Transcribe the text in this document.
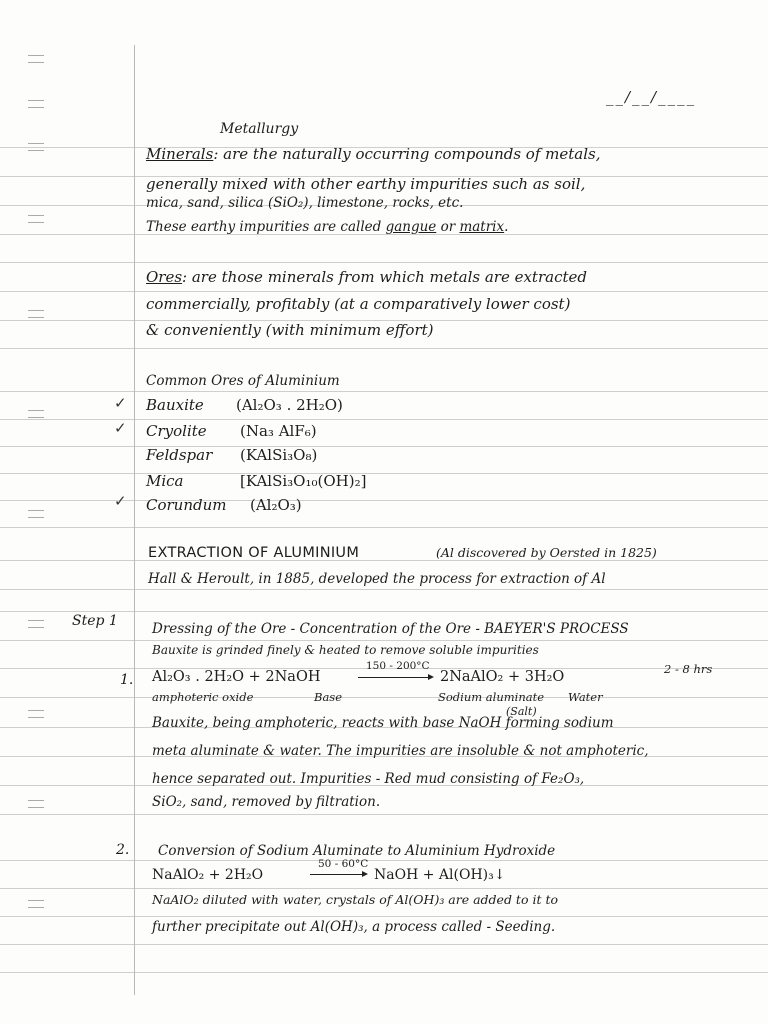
__/__/____
Metallurgy
Minerals: are the naturally occurring compounds of metals,
generally mixed with other earthy impurities such as soil,
mica, sand, silica (SiO₂), limestone, rocks, etc.
These earthy impurities are called gangue or matrix.
Ores: are those minerals from which metals are extracted
commercially, profitably (at a comparatively lower cost)
& conveniently (with minimum effort)
Common Ores of Aluminium
✓ Bauxite (Al₂O₃ . 2H₂O)
✓ Cryolite (Na₃ AlF₆)
Feldspar (KAlSi₃O₈)
Mica	[KAlSi₃O₁₀(OH)₂]
✓ Corundum (Al₂O₃)
EXTRACTION OF ALUMINIUM	(Al discovered by Oersted in 1825)
Hall & Heroult, in 1885, developed the process for extraction of Al
Step 1	Dressing of the Ore - Concentration of the Ore - BAEYER'S PROCESS
Bauxite is grinded finely & heated to remove soluble impurities
1. Al₂O₃ . 2H₂O + 2NaOH
150 - 200°C
2NaAlO₂ + 3H₂O	2 - 8 hrs
amphoteric oxide	Base	Sodium aluminate
(Salt)
Water
Bauxite, being amphoteric, reacts with base NaOH forming sodium
meta aluminate & water. The impurities are insoluble & not amphoteric,
hence separated out. Impurities - Red mud consisting of Fe₂O₃,
SiO₂, sand, removed by filtration.
2. Conversion of Sodium Aluminate to Aluminium Hydroxide
NaAlO₂ + 2H₂O
50 - 60°C
→ NaOH + Al(OH)₃↓
NaAlO₂ diluted with water, crystals of Al(OH)₃ are added to it to
further precipitate out Al(OH)₃, a process called - Seeding.
